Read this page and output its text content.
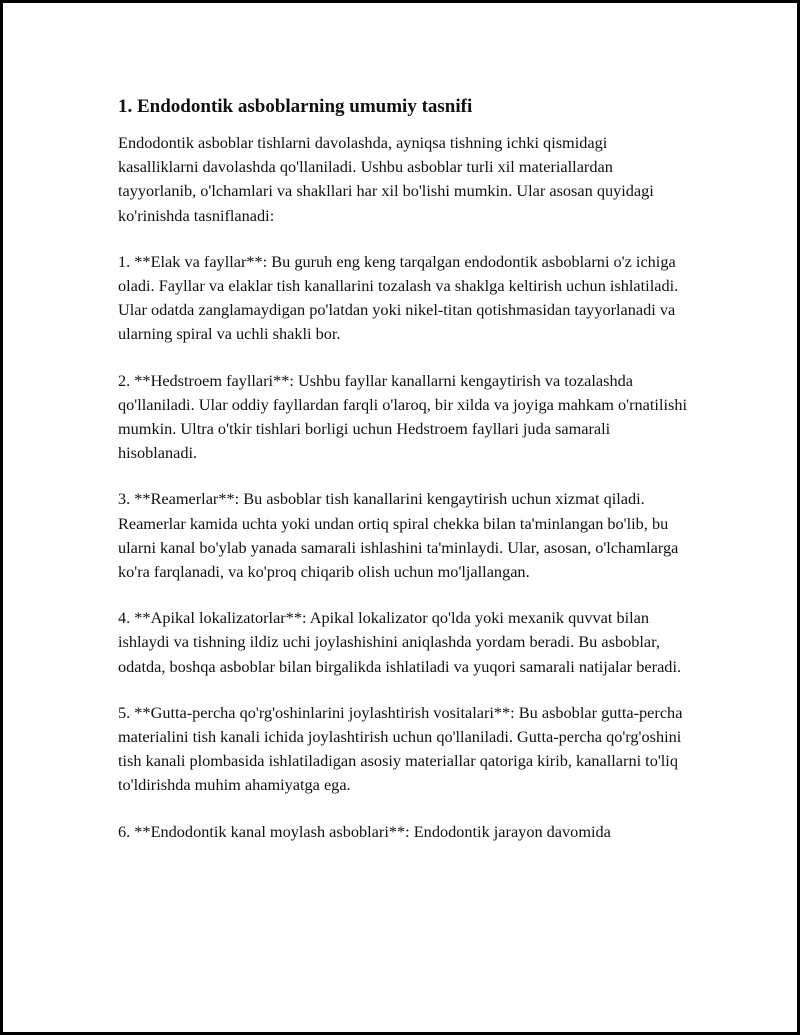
1. Endodontik asboblarning umumiy tasnifi

Endodontik asboblar tishlarni davolashda, ayniqsa tishning ichki qismidagi kasalliklarni davolashda qo'llaniladi. Ushbu asboblar turli xil materiallardan tayyorlanib, o'lchamlari va shakllari har xil bo'lishi mumkin. Ular asosan quyidagi ko'rinishda tasniflanadi:

1. **Elak va fayllar**: Bu guruh eng keng tarqalgan endodontik asboblarni o'z ichiga oladi. Fayllar va elaklar tish kanallarini tozalash va shaklga keltirish uchun ishlatiladi. Ular odatda zanglamaydigan po'latdan yoki nikel-titan qotishmasidan tayyorlanadi va ularning spiral va uchli shakli bor.

2. **Hedstroem fayllari**: Ushbu fayllar kanallarni kengaytirish va tozalashda qo'llaniladi. Ular oddiy fayllardan farqli o'laroq, bir xilda va joyiga mahkam o'rnatilishi mumkin. Ultra o'tkir tishlari borligi uchun Hedstroem fayllari juda samarali hisoblanadi.

3. **Reamerlar**: Bu asboblar tish kanallarini kengaytirish uchun xizmat qiladi. Reamerlar kamida uchta yoki undan ortiq spiral chekka bilan ta'minlangan bo'lib, bu ularni kanal bo'ylab yanada samarali ishlashini ta'minlaydi. Ular, asosan, o'lchamlarga ko'ra farqlanadi, va ko'proq chiqarib olish uchun mo'ljallangan.

4. **Apikal lokalizatorlar**: Apikal lokalizator qo'lda yoki mexanik quvvat bilan ishlaydi va tishning ildiz uchi joylashishini aniqlashda yordam beradi. Bu asboblar, odatda, boshqa asboblar bilan birgalikda ishlatiladi va yuqori samarali natijalar beradi.

5. **Gutta-percha qo'rg'oshinlarini joylashtirish vositalari**: Bu asboblar gutta-percha materialini tish kanali ichida joylashtirish uchun qo'llaniladi. Gutta-percha qo'rg'oshini tish kanali plombasida ishlatiladigan asosiy materiallar qatoriga kirib, kanallarni to'liq to'ldirishda muhim ahamiyatga ega.

6. **Endodontik kanal moylash asboblari**: Endodontik jarayon davomida
